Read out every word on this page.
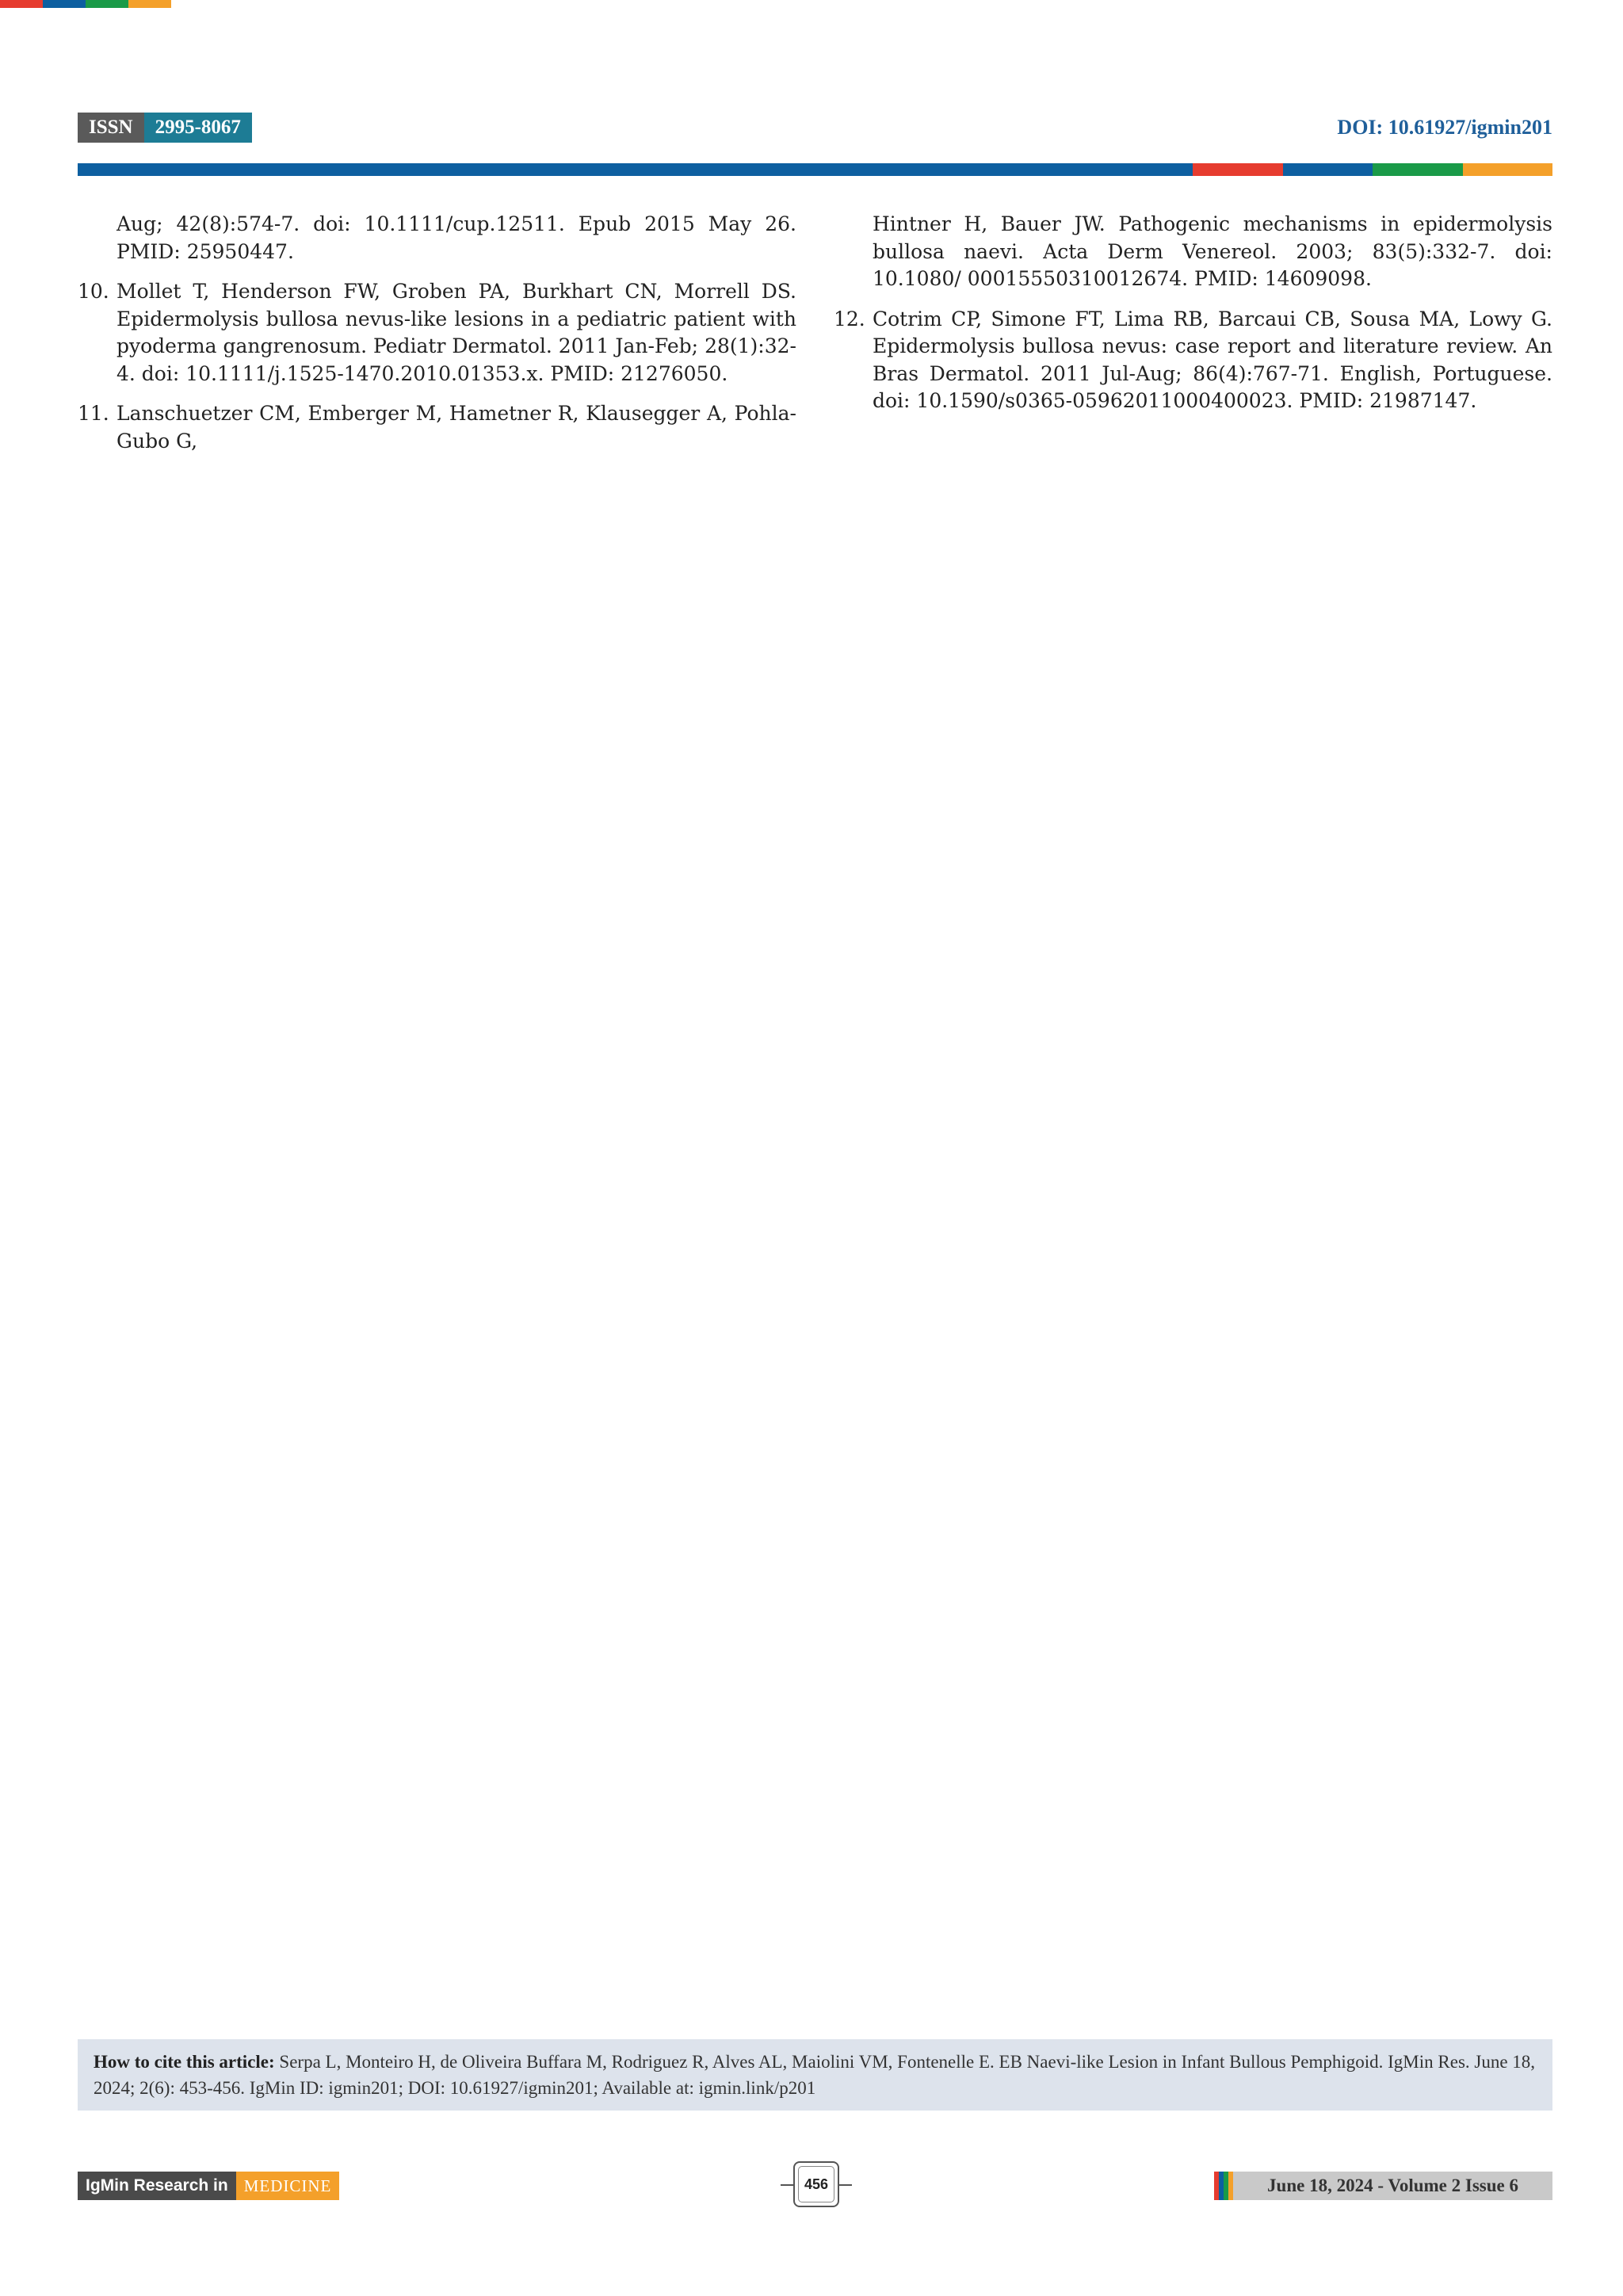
ISSN	2995-8067	DOI: 10.61927/igmin201
Aug; 42(8):574-7. doi: 10.1111/cup.12511. Epub 2015 May 26. PMID: 25950447.
10. Mollet T, Henderson FW, Groben PA, Burkhart CN, Morrell DS. Epidermolysis bullosa nevus-like lesions in a pediatric patient with pyoderma gangrenosum. Pediatr Dermatol. 2011 Jan-Feb; 28(1):32-4. doi: 10.1111/j.1525-1470.2010.01353.x. PMID: 21276050.
11. Lanschuetzer CM, Emberger M, Hametner R, Klausegger A, Pohla-Gubo G,
Hintner H, Bauer JW. Pathogenic mechanisms in epidermolysis bullosa naevi. Acta Derm Venereol. 2003; 83(5):332-7. doi: 10.1080/ 00015550310012674. PMID: 14609098.
12. Cotrim CP, Simone FT, Lima RB, Barcaui CB, Sousa MA, Lowy G. Epidermolysis bullosa nevus: case report and literature review. An Bras Dermatol. 2011 Jul-Aug; 86(4):767-71. English, Portuguese. doi: 10.1590/s0365-05962011000400023. PMID: 21987147.
How to cite this article: Serpa L, Monteiro H, de Oliveira Buffara M, Rodriguez R, Alves AL, Maiolini VM, Fontenelle E. EB Naevi-like Lesion in Infant Bullous Pemphigoid. IgMin Res. June 18, 2024; 2(6): 453-456. IgMin ID: igmin201; DOI: 10.61927/igmin201; Available at: igmin.link/p201
IgMin Research in MEDICINE	456	June 18, 2024 - Volume 2 Issue 6
